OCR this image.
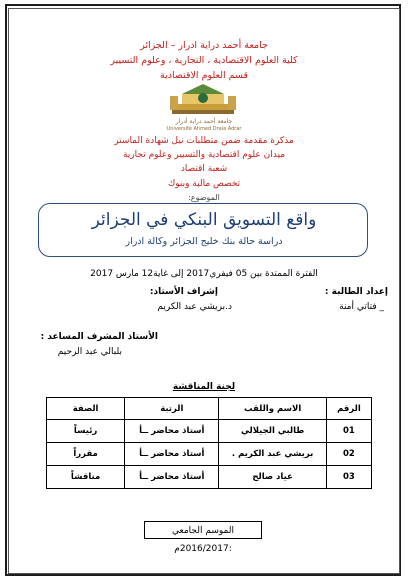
جامعة أحمد دراية ادرار – الجزائر
كلية العلوم الاقتصادية ، التجارية ، وعلوم التسيير
قسم العلوم الاقتصادية
جامعة أحمد دراية أدرار
Université Ahmed Draia Adrar
مذكرة مقدمة ضمن متطلبات نيل شهادة الماستر
ميدان علوم اقتصادية والتسيير وعلوم تجارية
شعبة اقتصاد
تخصص مالية وبنوك
الموضوع:
واقع التسويق البنكي في الجزائر
دراسة حالة بنك خليج الجزائر وكالة ادرار
الفترة الممتدة بين 05 فيفري2017 إلى غاية12 مارس 2017
إعداد الطالبة :
_ فتاتي أمنة
إشراف الأستاذ:
د.بريشي عبد الكريم
الأستاذ المشرف المساعد :
بلبالي عبد الرحيم
لجنة المناقشة
الرقم	الاسم واللقب	الرتبة	الصفة
01	طالبي الجيلالي	أستاذ محاضر ــأ	رئيساً
02	بريشي عبد الكريم .	أستاذ محاضر ــأ	مقرراً
03	عياد صالح	أستاذ محاضر ــأ	مناقشاً
الموسم الجامعي :2016/2017م
